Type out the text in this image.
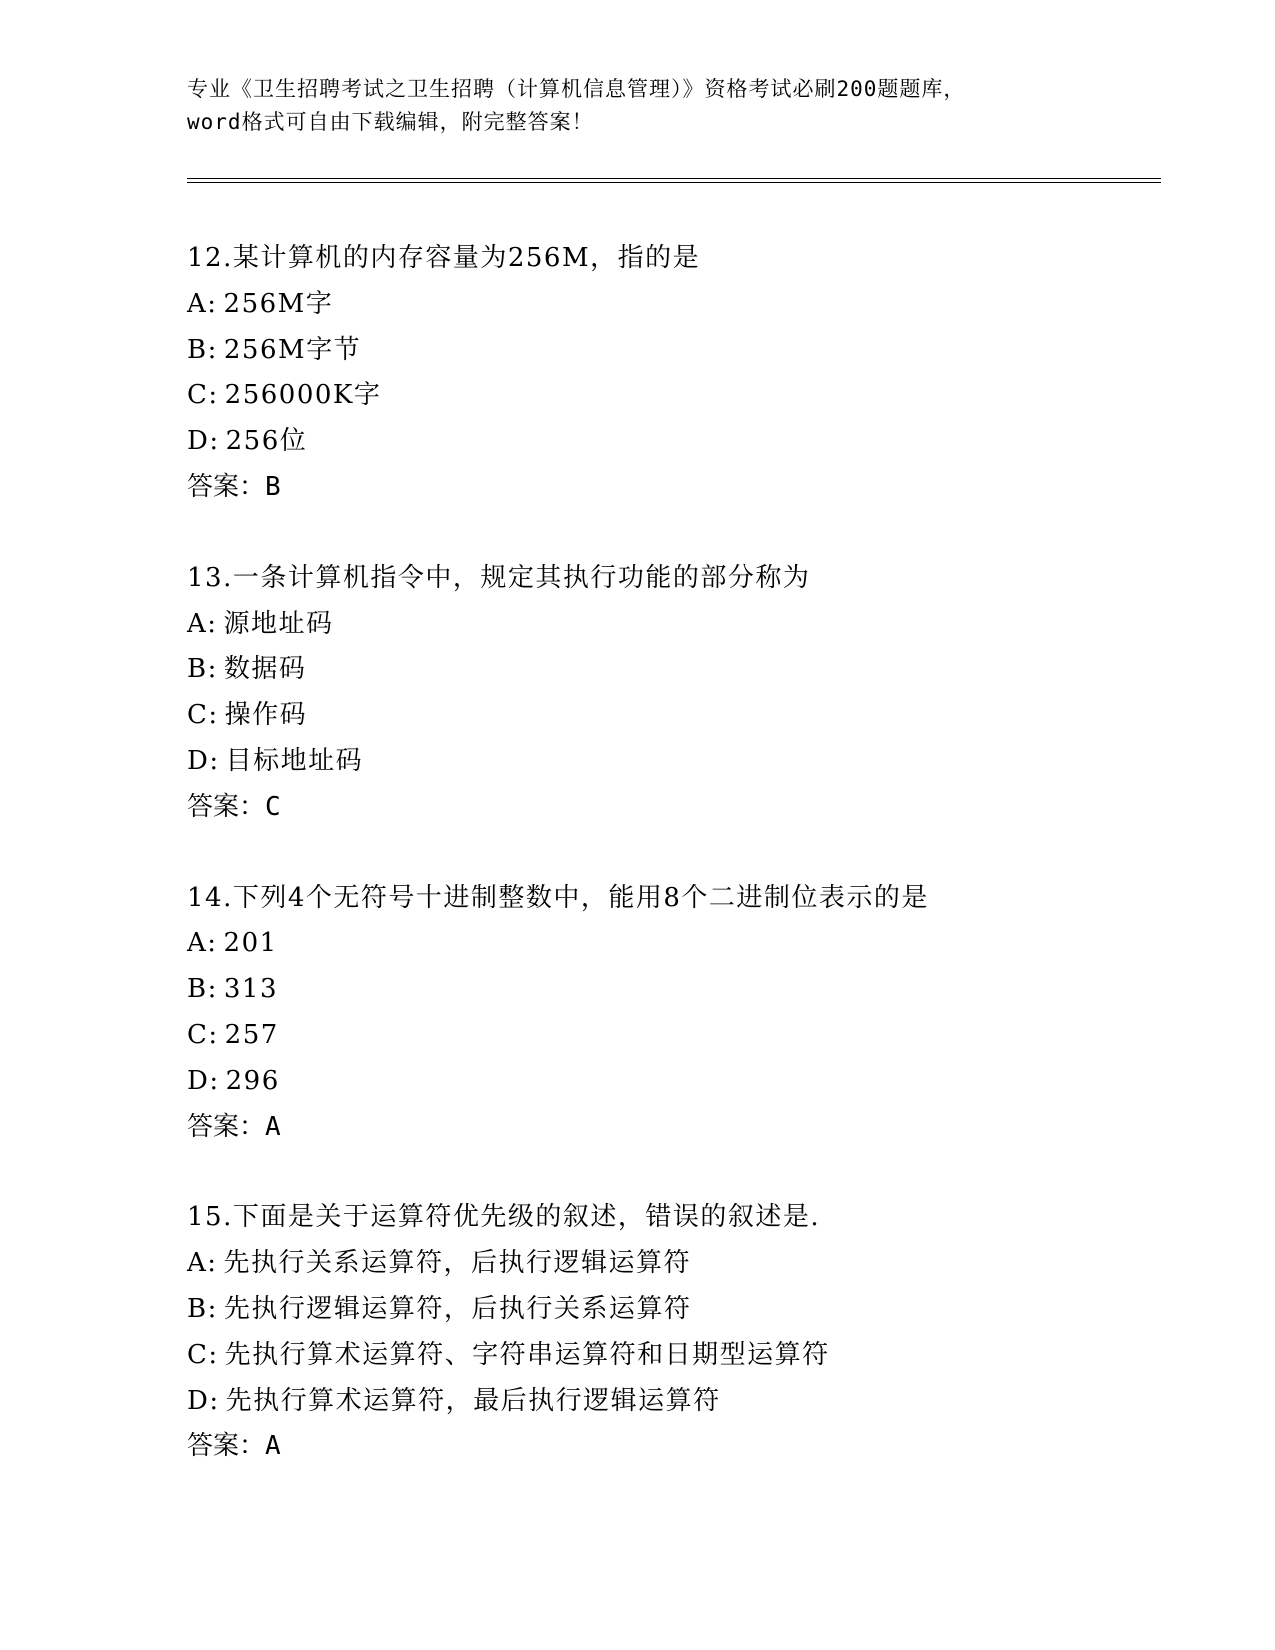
专业《卫生招聘考试之卫生招聘（计算机信息管理）》资格考试必刷200题题库，
word格式可自由下载编辑，附完整答案！
12.某计算机的内存容量为256M，指的是
A: 256M字
B: 256M字节
C: 256000K字
D: 256位
答案：B
13.一条计算机指令中，规定其执行功能的部分称为
A: 源地址码
B: 数据码
C: 操作码
D: 目标地址码
答案：C
14.下列4个无符号十进制整数中，能用8个二进制位表示的是
A: 201
B: 313
C: 257
D: 296
答案：A
15.下面是关于运算符优先级的叙述，错误的叙述是.
A: 先执行关系运算符，后执行逻辑运算符
B: 先执行逻辑运算符，后执行关系运算符
C: 先执行算术运算符、字符串运算符和日期型运算符
D: 先执行算术运算符，最后执行逻辑运算符
答案：A
